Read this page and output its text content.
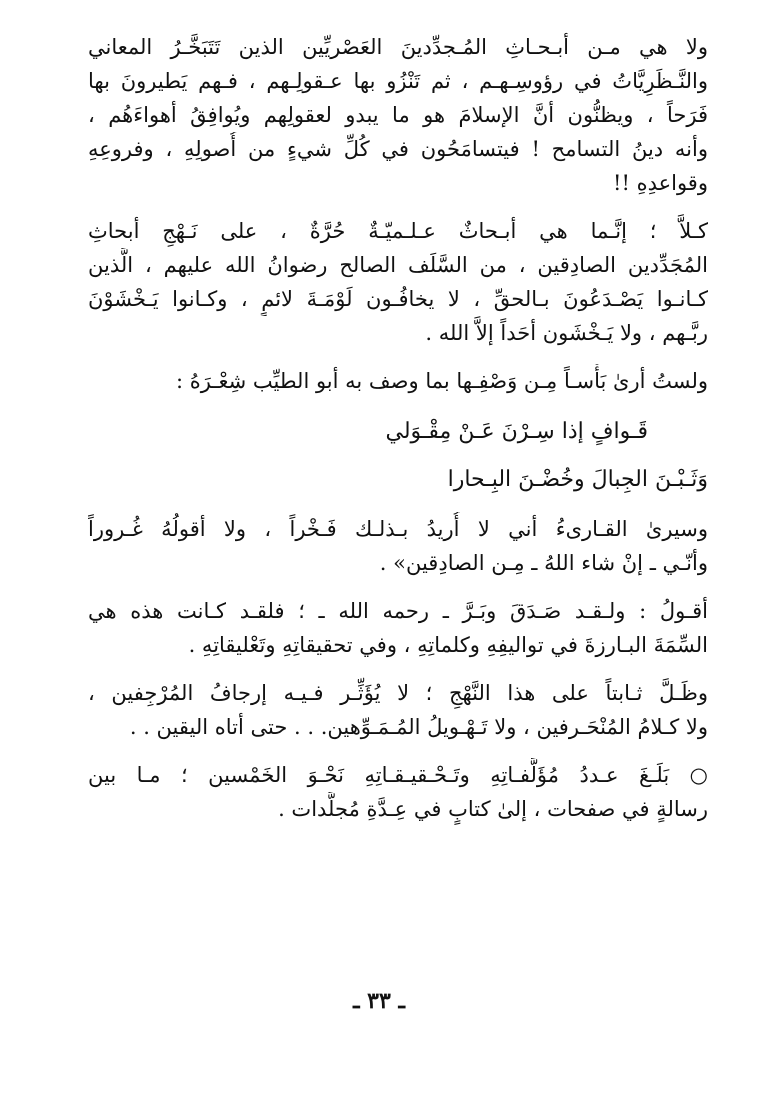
ولا هي مـن أبـحـاثِ المُـجدِّدينَ العَصْريِّين الذين تَتَبَخَّـرُ المعاني
والنَّـظَرِيَّاتُ في رؤوسِـهـم ، ثم تَنْزُو بها عـقولِـهم ، فـهم يَطيرونَ بها
فَرَحاً ، ويظنُّون أنَّ الإسلامَ هو ما يبدو لعقولِهم ويُوافِقُ أهواءَهُم ،
وأنه دينُ التسامح ! فيتسامَحُون في كُلِّ شيءٍ من أُصولِهِ ، وفروعِهِ
وقواعدِهِ !!
كـلاَّ ؛ إنَّـما هي أبـحاثٌ عـلـميّـةٌ حُرَّةٌ ، على نَـهْجِ أبحاثِ
المُجَدِّدين الصادِقين ، من السَّلَف الصالح رضوانُ الله عليهم ، الَّذين
كـانـوا يَصْـدَعُونَ بـالحقِّ ، لا يخافُـون لَوْمَـةَ لائمٍ ، وكـانوا يَـخْشَوْنَ
ربَّـهم ، ولا يَـخْشَون أحَداً إلاَّ الله .
ولستُ أرىٰ بَأْسـاً مِـن وَصْفِـها بما وصف به أبو الطيِّب شِعْـرَهُ :
قَـوافٍ إذا سِـرْنَ عَـنْ مِقْـوَلي
وَثَـبْـنَ الجِبالَ وخُضْـنَ البِـحارا
وسيرىٰ القـارىءُ أني لا أُريدُ بـذلـك فَـخْراً ، ولا أقولُهُ غُـروراً
وأنّـي ـ إنْ شاء اللهُ ـ مِـن الصادِقين» .
أقـولُ : ولـقـد صَـدَقَ وبَـرَّ ـ رحمه الله ـ ؛ فلقـد كـانت هذه هي
السِّمَةَ البـارزةَ في تواليفِهِ وكلماتِهِ ، وفي تحقيقاتِهِ وتَعْليقاتِهِ .
وظَـلَّ ثـابتاً على هذا النَّهْجِ ؛ لا يُؤَثِّـر فـيـه إرجافُ المُرْجِفين ،
ولا كـلامُ المُنْحَـرفين ، ولا تَـهْـويلُ المُـمَـوِّهين. . . حتى أتاه اليقين . .
○ بَلَـغَ عـددُ مُؤَلَّفـاتِهِ وتَـحْـقيـقـاتِهِ نَحْـوَ الخَمْسين ؛ مـا بين
رسالةٍ في صفحات ، إلىٰ كتابٍ في عِـدَّةِ مُجلَّدات .
ـ ٣٣ ـ
